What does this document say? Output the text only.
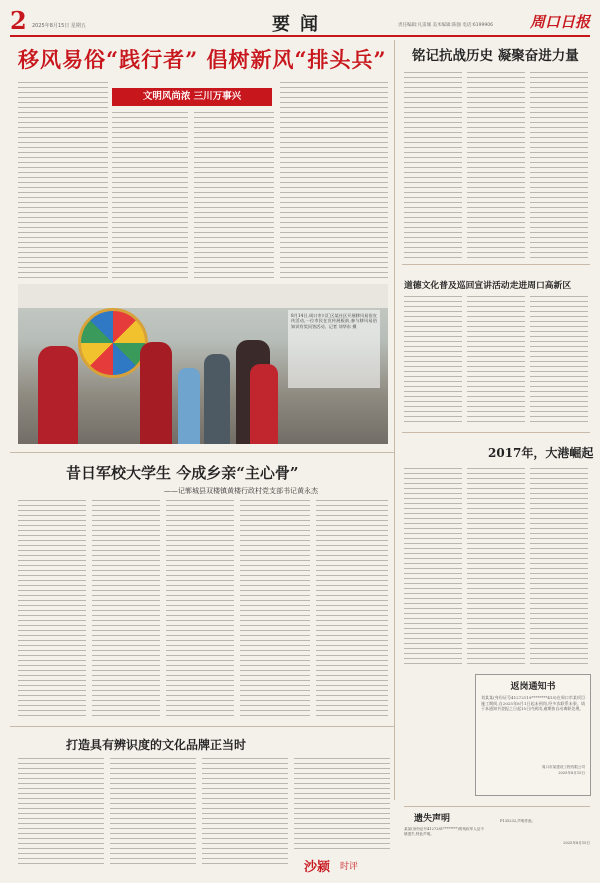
2 2025年8月15日 星期五	要闻	责任编辑:凡雷城 美术编辑:陈强 电话:6199906 周口日报
移风易俗“践行者” 倡树新风“排头兵”
文明风尚浓 三川万事兴
8月14日,周口市川汇区某社区开展移风易俗宣传活动,一位市民在宣传展板前,参与移风易俗知识有奖问答活动。记者 刘华东 摄
铭记抗战历史 凝聚奋进力量
道德文化普及巡回宣讲活动走进周口高新区
2017年，大港崛起
返岗通知书
刘某某(身份证号41272119********415)在周口市某项目施工期间,自2025年8月1日起未到岗,经多次联系未果。请于本通知书登报之日起15日内到岗,逾期按自动离职处理。
周口市某建设工程有限公司
2025年8月15日
昔日军校大学生 今成乡亲“主心骨”
——记郸城县双楼镇黄楼行政村党支部书记黄永杰
打造具有辨识度的文化品牌正当时
沙颍 时评
遗失声明
某某(身份证号4127281********)的残疾军人证不慎遗失,特此声明。
P135232,声明作废。
2025年8月15日
